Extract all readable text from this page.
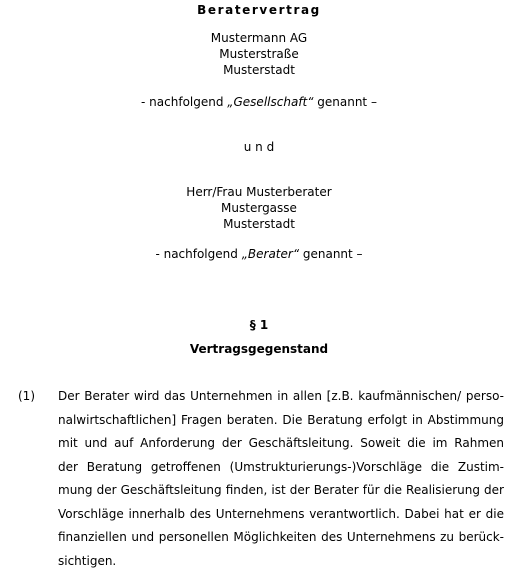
Beratervertrag
Mustermann AG
Musterstraße
Musterstadt
- nachfolgend „Gesellschaft“ genannt –
u n d
Herr/Frau Musterberater
Mustergasse
Musterstadt
- nachfolgend „Berater“ genannt –
§ 1
Vertragsgegenstand
(1) Der Berater wird das Unternehmen in allen [z.B. kaufmännischen/ perso-
nalwirtschaftlichen] Fragen beraten. Die Beratung erfolgt in Abstimmung
mit und auf Anforderung der Geschäftsleitung. Soweit die im Rahmen
der Beratung getroffenen (Umstrukturierungs-)Vorschläge die Zustim-
mung der Geschäftsleitung finden, ist der Berater für die Realisierung der
Vorschläge innerhalb des Unternehmens verantwortlich. Dabei hat er die
finanziellen und personellen Möglichkeiten des Unternehmens zu berück-
sichtigen.
